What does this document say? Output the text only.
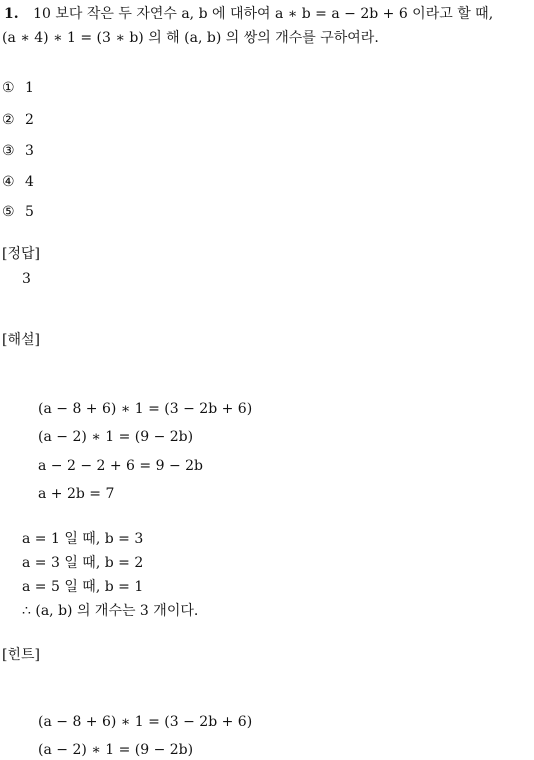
1. 10 보다 작은 두 자연수 a, b 에 대하여 a ∗ b = a − 2b + 6 이라고 할 때,
(a ∗ 4) ∗ 1 = (3 ∗ b) 의 해 (a, b) 의 쌍의 개수를 구하여라.
① 1
② 2
③ 3
④ 4
⑤ 5
[정답]
3
[해설]
(a − 8 + 6) ∗ 1 = (3 − 2b + 6)
(a − 2) ∗ 1 = (9 − 2b)
a − 2 − 2 + 6 = 9 − 2b
a + 2b = 7
a = 1 일 때, b = 3
a = 3 일 때, b = 2
a = 5 일 때, b = 1
∴ (a, b) 의 개수는 3 개이다.
[힌트]
(a − 8 + 6) ∗ 1 = (3 − 2b + 6)
(a − 2) ∗ 1 = (9 − 2b)
